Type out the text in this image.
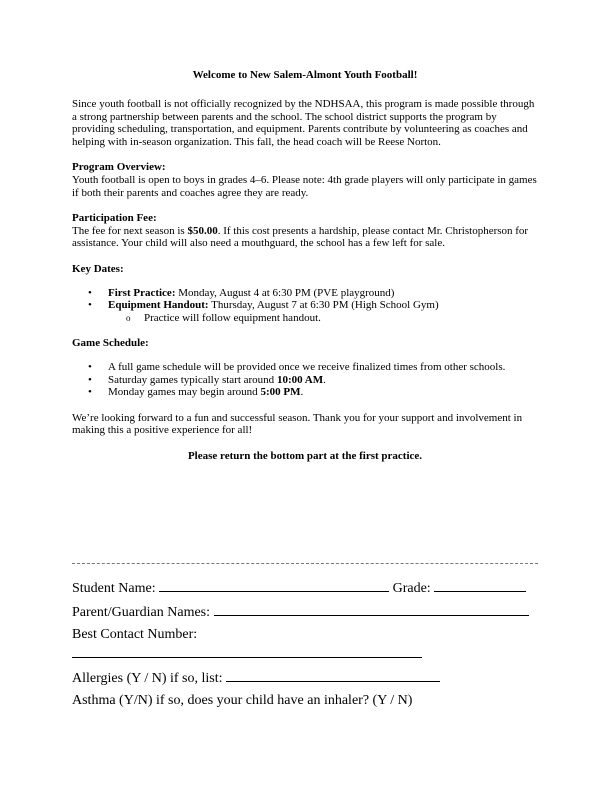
Welcome to New Salem-Almont Youth Football!

Since youth football is not officially recognized by the NDHSAA, this program is made possible through a strong partnership between parents and the school. The school district supports the program by providing scheduling, transportation, and equipment. Parents contribute by volunteering as coaches and helping with in-season organization. This fall, the head coach will be Reese Norton.

Program Overview:

Youth football is open to boys in grades 4–6. Please note: 4th grade players will only participate in games if both their parents and coaches agree they are ready.

Participation Fee:

The fee for next season is $50.00. If this cost presents a hardship, please contact Mr. Christopherson for assistance. Your child will also need a mouthguard, the school has a few left for sale.

Key Dates:
• First Practice: Monday, August 4 at 6:30 PM (PVE playground)
• Equipment Handout: Thursday, August 7 at 6:30 PM (High School Gym)
o Practice will follow equipment handout.
Game Schedule:
• A full game schedule will be provided once we receive finalized times from other schools.
• Saturday games typically start around 10:00 AM.
• Monday games may begin around 5:00 PM.

We’re looking forward to a fun and successful season. Thank you for your support and involvement in making this a positive experience for all!

Please return the bottom part at the first practice.
Student Name:	Grade:
Parent/Guardian Names:
Best Contact Number:
Allergies (Y / N) if so, list:
Asthma (Y/N) if so, does your child have an inhaler? (Y / N)
